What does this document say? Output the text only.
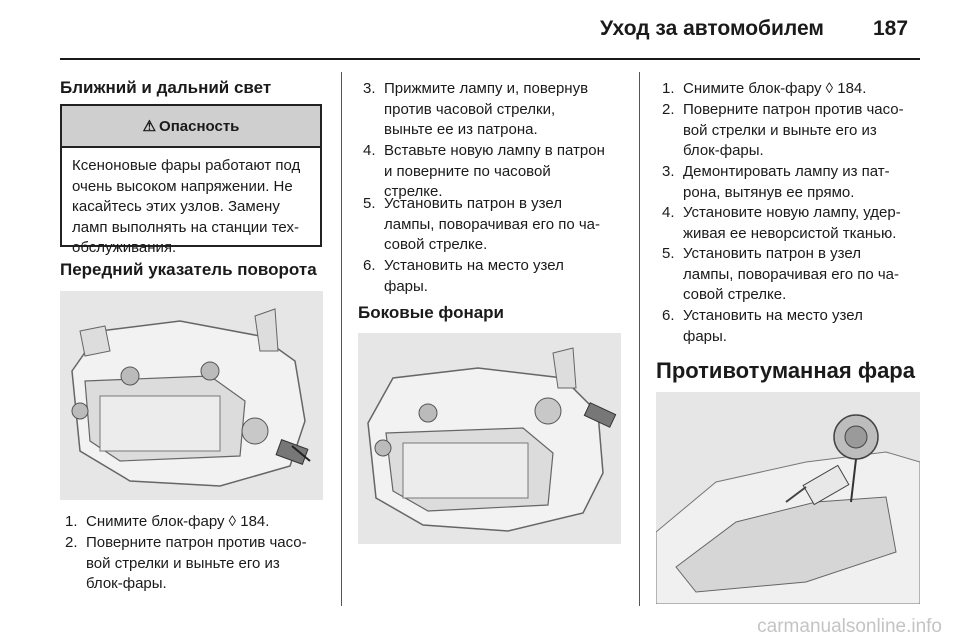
Уход за автомобилем 187
Ближний и дальний свет
⚠ Опасность
Ксеноновые фары работают под
очень высоком напряжении. Не
касайтесь этих узлов. Замену
ламп выполнять на станции тех-
обслуживания.
Передний указатель поворота
1. Снимите блок-фару ◊ 184.
2. Поверните патрон против часо-
вой стрелки и выньте его из
блок-фары.
3. Прижмите лампу и, повернув
против часовой стрелки,
выньте ее из патрона.
4. Вставьте новую лампу в патрон
и поверните по часовой
стрелке.
5. Установить патрон в узел
лампы, поворачивая его по ча-
совой стрелке.
6. Установить на место узел
фары.
Боковые фонари
1. Снимите блок-фару ◊ 184.
2. Поверните патрон против часо-
вой стрелки и выньте его из
блок-фары.
3. Демонтировать лампу из пат-
рона, вытянув ее прямо.
4. Установите новую лампу, удер-
живая ее неворсистой тканью.
5. Установить патрон в узел
лампы, поворачивая его по ча-
совой стрелке.
6. Установить на место узел
фары.
Противотуманная фара
carmanualsonline.info
